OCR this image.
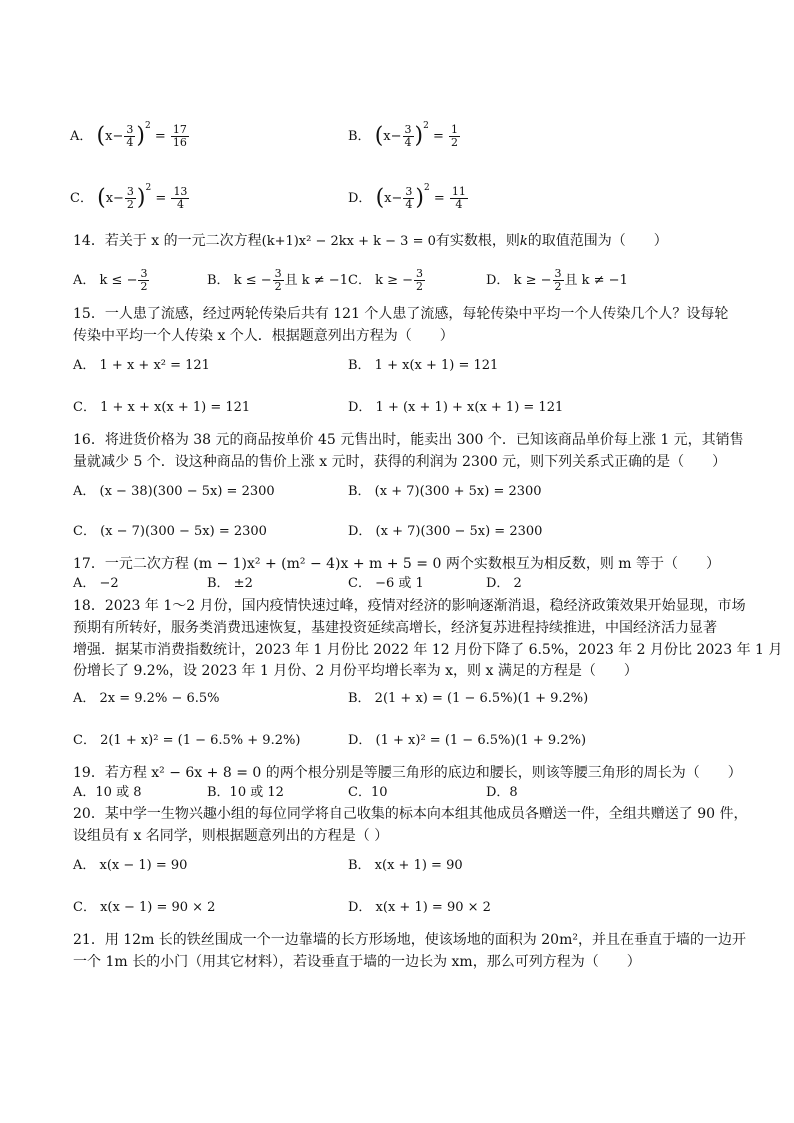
A． $(x- \frac{3}{4} )^2 = \frac{17}{16}$	B． $(x- \frac{3}{4} )^2 = \frac{1}{2}$
C． $(x- \frac{3}{2} )^2 = \frac{13}{4}$	D． $(x- \frac{3}{4} )^2 = \frac{11}{4}$
14．若关于 x 的一元二次方程(k+1)x² − 2kx + k − 3 = 0有实数根，则k的取值范围为（　　）
A． k ≤ − $\frac{3}{2}$	B． k ≤ − $\frac{3}{2}$ 且 k ≠ −1 C． k ≥ − $\frac{3}{2}$	D． k ≥ − $\frac{3}{2}$ 且 k ≠ −1
15．一人患了流感，经过两轮传染后共有 121 个人患了流感，每轮传染中平均一个人传染几个人？设每轮
传染中平均一个人传染 x 个人．根据题意列出方程为（　　）
A． 1 + x + x² = 121	B． 1 + x(x + 1) = 121
C． 1 + x + x(x + 1) = 121	D． 1 + (x + 1) + x(x + 1) = 121
16．将进货价格为 38 元的商品按单价 45 元售出时，能卖出 300 个．已知该商品单价每上涨 1 元，其销售
量就减少 5 个．设这种商品的售价上涨 x 元时，获得的利润为 2300 元，则下列关系式正确的是（　　）
A． (x − 38)(300 − 5x) = 2300	B． (x + 7)(300 + 5x) = 2300
C． (x − 7)(300 − 5x) = 2300	D． (x + 7)(300 − 5x) = 2300
17．一元二次方程 (m − 1)x² + (m² − 4)x + m + 5 = 0 两个实数根互为相反数，则 m 等于（　　）
A． −2	B． ±2	C． −6 或 1	D． 2
18．2023 年 1～2 月份，国内疫情快速过峰，疫情对经济的影响逐渐消退，稳经济政策效果开始显现，市场
预期有所转好，服务类消费迅速恢复，基建投资延续高增长，经济复苏进程持续推进，中国经济活力显著
增强．据某市消费指数统计，2023 年 1 月份比 2022 年 12 月份下降了 6.5%，2023 年 2 月份比 2023 年 1 月
份增长了 9.2%，设 2023 年 1 月份、2 月份平均增长率为 x，则 x 满足的方程是（　　）
A． 2x = 9.2% − 6.5%	B． 2(1 + x) = (1 − 6.5%)(1 + 9.2%)
C． 2(1 + x)² = (1 − 6.5% + 9.2%)	D． (1 + x)² = (1 − 6.5%)(1 + 9.2%)
19．若方程 x² − 6x + 8 = 0 的两个根分别是等腰三角形的底边和腰长，则该等腰三角形的周长为（　　）
A．10 或 8	B．10 或 12	C．10	D．8
20．某中学一生物兴趣小组的每位同学将自己收集的标本向本组其他成员各赠送一件，全组共赠送了 90 件，
设组员有 x 名同学，则根据题意列出的方程是（ ）
A． x(x − 1) = 90	B． x(x + 1) = 90
C． x(x − 1) = 90 × 2	D． x(x + 1) = 90 × 2
21．用 12m 长的铁丝围成一个一边靠墙的长方形场地，使该场地的面积为 20m²，并且在垂直于墙的一边开
一个 1m 长的小门（用其它材料），若设垂直于墙的一边长为 xm，那么可列方程为（　　）
